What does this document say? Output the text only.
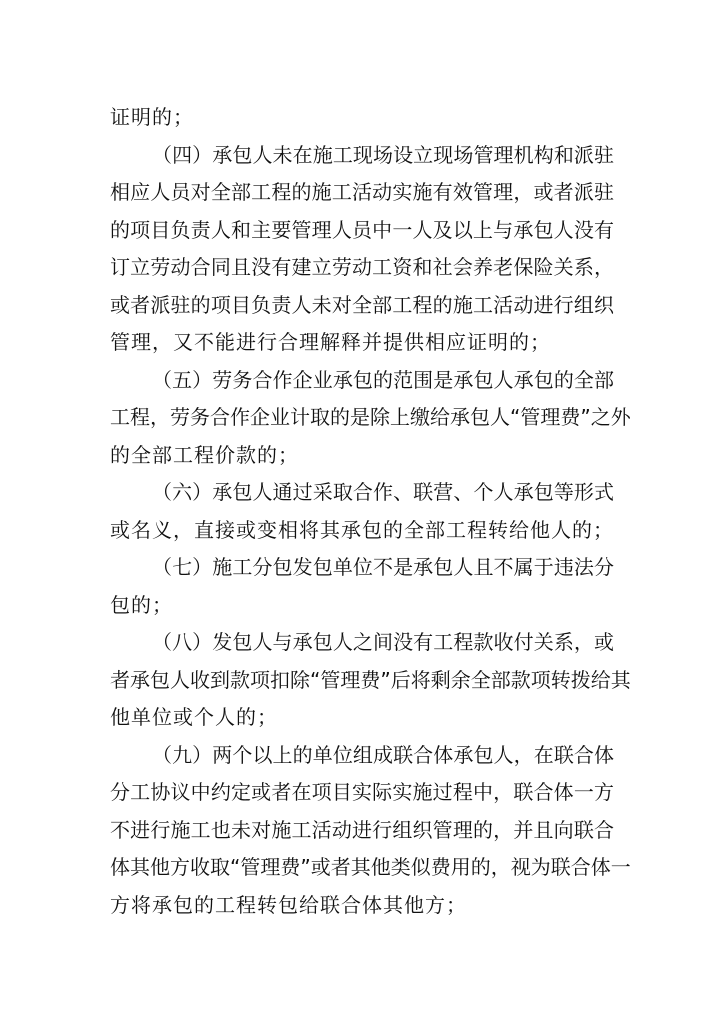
证明的；
（四）承包人未在施工现场设立现场管理机构和派驻
相应人员对全部工程的施工活动实施有效管理，或者派驻
的项目负责人和主要管理人员中一人及以上与承包人没有
订立劳动合同且没有建立劳动工资和社会养老保险关系，
或者派驻的项目负责人未对全部工程的施工活动进行组织
管理，又不能进行合理解释并提供相应证明的；
（五）劳务合作企业承包的范围是承包人承包的全部
工程，劳务合作企业计取的是除上缴给承包人“管理费”之外
的全部工程价款的；
（六）承包人通过采取合作、联营、个人承包等形式
或名义，直接或变相将其承包的全部工程转给他人的；
（七）施工分包发包单位不是承包人且不属于违法分
包的；
（八）发包人与承包人之间没有工程款收付关系，或
者承包人收到款项扣除“管理费”后将剩余全部款项转拨给其
他单位或个人的；
（九）两个以上的单位组成联合体承包人，在联合体
分工协议中约定或者在项目实际实施过程中，联合体一方
不进行施工也未对施工活动进行组织管理的，并且向联合
体其他方收取“管理费”或者其他类似费用的，视为联合体一
方将承包的工程转包给联合体其他方；
